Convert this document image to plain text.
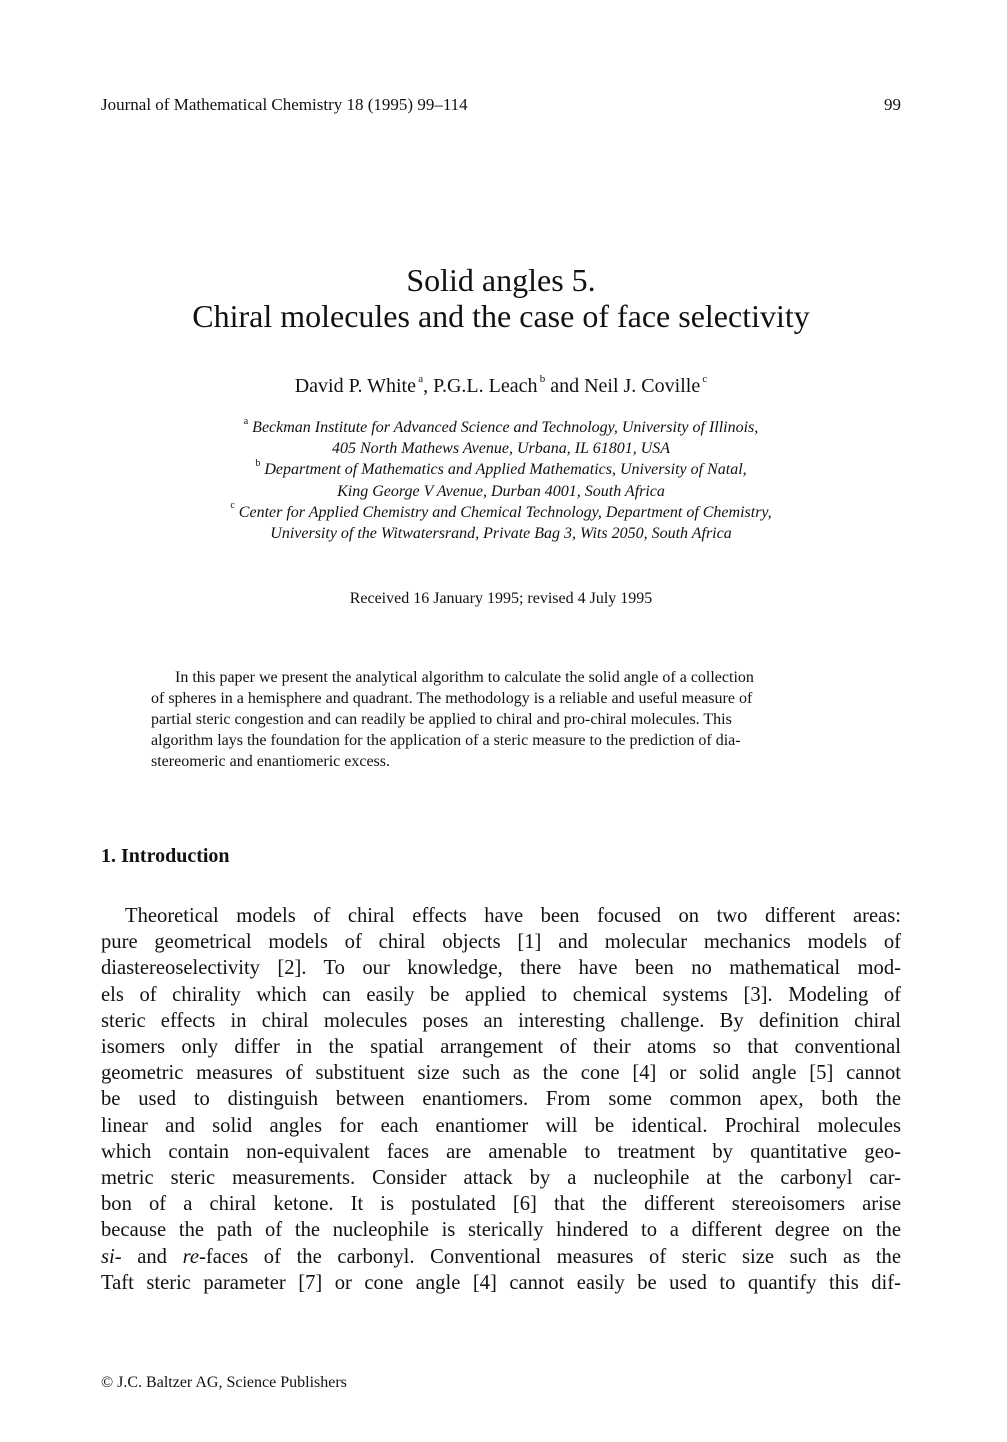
Journal of Mathematical Chemistry 18 (1995) 99–114	99
Solid angles 5.
Chiral molecules and the case of face selectivity
David P. White  $^a$, P.G.L. Leach  $^b$ and Neil J. Coville  $^c$
$^a$ Beckman Institute for Advanced Science and Technology, University of Illinois,
405 North Mathews Avenue, Urbana, IL 61801, USA
$^b$ Department of Mathematics and Applied Mathematics, University of Natal,
King George V Avenue, Durban 4001, South Africa
$^c$ Center for Applied Chemistry and Chemical Technology, Department of Chemistry,
University of the Witwatersrand, Private Bag 3, Wits 2050, South Africa
Received 16 January 1995; revised 4 July 1995
In this paper we present the analytical algorithm to calculate the solid angle of a collection
of spheres in a hemisphere and quadrant. The methodology is a reliable and useful measure of
partial steric congestion and can readily be applied to chiral and pro-chiral molecules. This
algorithm lays the foundation for the application of a steric measure to the prediction of dia-
stereomeric and enantiomeric excess.
1. Introduction
Theoretical models of chiral effects have been focused on two different areas:
pure geometrical models of chiral objects [1] and molecular mechanics models of
diastereoselectivity [2]. To our knowledge, there have been no mathematical mod-
els of chirality which can easily be applied to chemical systems [3]. Modeling of
steric effects in chiral molecules poses an interesting challenge. By definition chiral
isomers only differ in the spatial arrangement of their atoms so that conventional
geometric measures of substituent size such as the cone [4] or solid angle [5] cannot
be used to distinguish between enantiomers. From some common apex, both the
linear and solid angles for each enantiomer will be identical. Prochiral molecules
which contain non-equivalent faces are amenable to treatment by quantitative geo-
metric steric measurements. Consider attack by a nucleophile at the carbonyl car-
bon of a chiral ketone. It is postulated [6] that the different stereoisomers arise
because the path of the nucleophile is sterically hindered to a different degree on the
si- and re-faces of the carbonyl. Conventional measures of steric size such as the
Taft steric parameter [7] or cone angle [4] cannot easily be used to quantify this dif-
© J.C. Baltzer AG, Science Publishers
